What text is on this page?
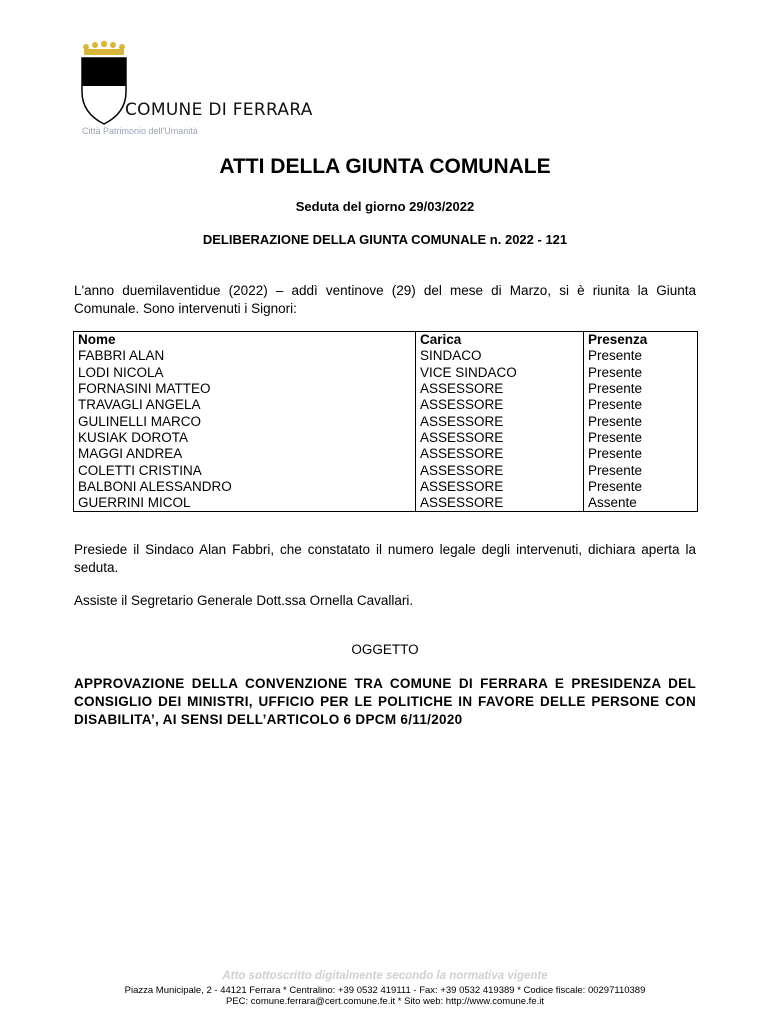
COMUNE DI FERRARA
Città Patrimonio dell'Umanità
ATTI DELLA GIUNTA COMUNALE
Seduta del giorno 29/03/2022
DELIBERAZIONE DELLA GIUNTA COMUNALE n. 2022 - 121
L'anno duemilaventidue (2022) – addì ventinove (29) del mese di Marzo, si è riunita la Giunta Comunale. Sono intervenuti i Signori:
Nome	Carica	Presenza
FABBRI ALAN	SINDACO	Presente
LODI NICOLA	VICE SINDACO	Presente
FORNASINI MATTEO	ASSESSORE	Presente
TRAVAGLI ANGELA	ASSESSORE	Presente
GULINELLI MARCO	ASSESSORE	Presente
KUSIAK DOROTA	ASSESSORE	Presente
MAGGI ANDREA	ASSESSORE	Presente
COLETTI CRISTINA	ASSESSORE	Presente
BALBONI ALESSANDRO	ASSESSORE	Presente
GUERRINI MICOL	ASSESSORE	Assente
Presiede il Sindaco Alan Fabbri, che constatato il numero legale degli intervenuti, dichiara aperta la seduta.
Assiste il Segretario Generale Dott.ssa Ornella Cavallari.
OGGETTO
APPROVAZIONE DELLA CONVENZIONE TRA COMUNE DI FERRARA E PRESIDENZA DEL CONSIGLIO DEI MINISTRI, UFFICIO PER LE POLITICHE IN FAVORE DELLE PERSONE CON DISABILITA’, AI SENSI DELL’ARTICOLO 6 DPCM 6/11/2020
Atto sottoscritto digitalmente secondo la normativa vigente
Piazza Municipale, 2 - 44121 Ferrara * Centralino: +39 0532 419111 - Fax: +39 0532 419389 * Codice fiscale: 00297110389
PEC: comune.ferrara@cert.comune.fe.it * Sito web: http://www.comune.fe.it
